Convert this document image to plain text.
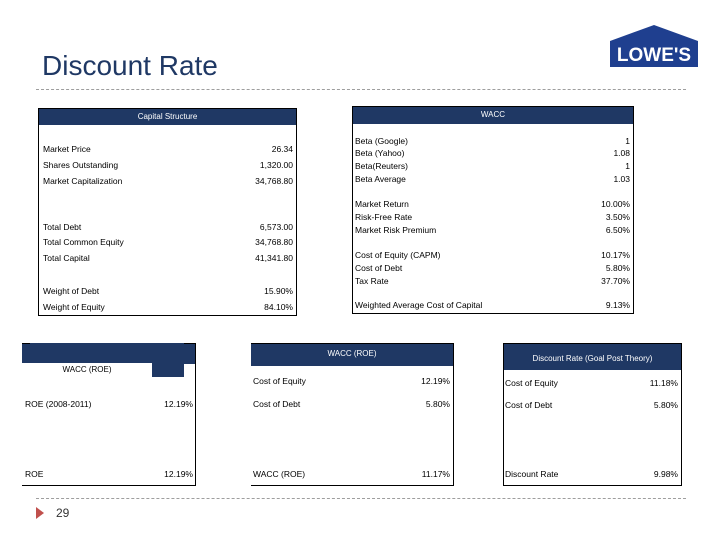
Discount Rate	LOWE'S
Capital Structure
Market Price	26.34
Shares Outstanding	1,320.00
Market Capitalization	34,768.80
Total Debt	6,573.00
Total Common Equity	34,768.80
Total Capital	41,341.80
Weight of Debt	15.90%
Weight of Equity	84.10%
WACC
Beta (Google)	1
Beta (Yahoo)	1.08
Beta(Reuters)	1
Beta Average	1.03
Market Return	10.00%
Risk-Free Rate	3.50%
Market Risk Premium	6.50%
Cost of Equity (CAPM)	10.17%
Cost of Debt	5.80%
Tax Rate	37.70%
Weighted Average Cost of Capital	9.13%
WACC (ROE)
ROE (2008-2011)	12.19%
ROE	12.19%
WACC (ROE)
Cost of Equity	12.19%
Cost of Debt	5.80%
WACC (ROE)	11.17%
Discount Rate (Goal Post Theory)
Cost of Equity	11.18%
Cost of Debt	5.80%
Discount Rate	9.98%
29
